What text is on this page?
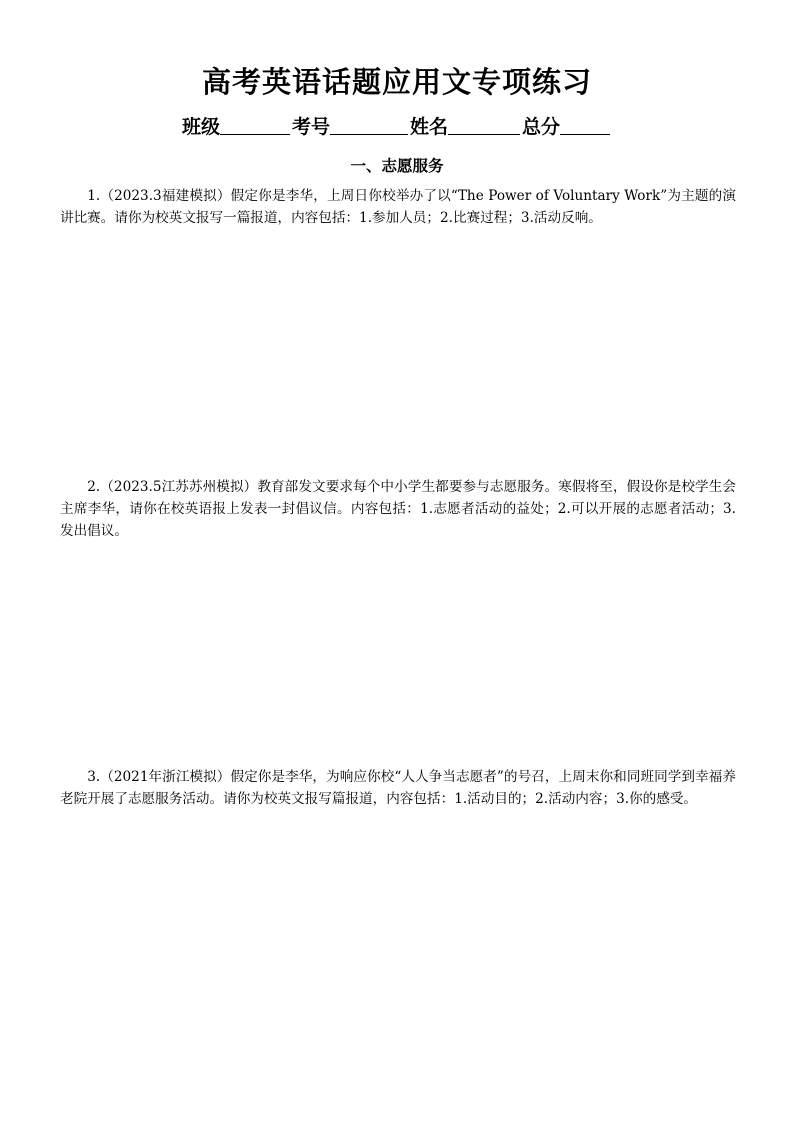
高考英语话题应用文专项练习
班级	考号	姓名	总分
一、志愿服务
1.（2023.3福建模拟）假定你是李华，上周日你校举办了以“The Power of Voluntary Work”为主题的演讲比赛。请你为校英文报写一篇报道，内容包括：1.参加人员；2.比赛过程；3.活动反响。
2.（2023.5江苏苏州模拟）教育部发文要求每个中小学生都要参与志愿服务。寒假将至，假设你是校学生会主席李华，请你在校英语报上发表一封倡议信。内容包括：1.志愿者活动的益处；2.可以开展的志愿者活动；3.发出倡议。
3.（2021年浙江模拟）假定你是李华，为响应你校“人人争当志愿者”的号召，上周末你和同班同学到幸福养老院开展了志愿服务活动。请你为校英文报写篇报道，内容包括：1.活动目的；2.活动内容；3.你的感受。
